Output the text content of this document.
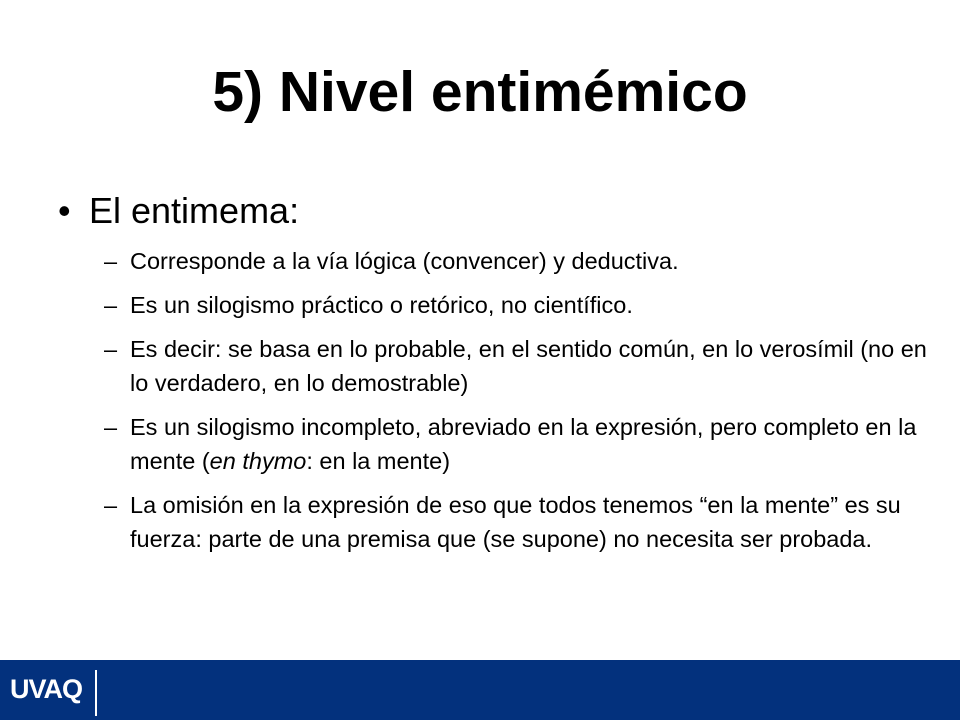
5) Nivel entimémico
• El entimema:
– Corresponde a la vía lógica (convencer) y deductiva.
– Es un silogismo práctico o retórico, no científico.
– Es decir: se basa en lo probable, en el sentido común, en lo verosímil (no en lo verdadero, en lo demostrable)
– Es un silogismo incompleto, abreviado en la expresión, pero completo en la mente (en thymo: en la mente)
– La omisión en la expresión de eso que todos tenemos “en la mente” es su fuerza: parte de una premisa que (se supone) no necesita ser probada.
UVAQ
